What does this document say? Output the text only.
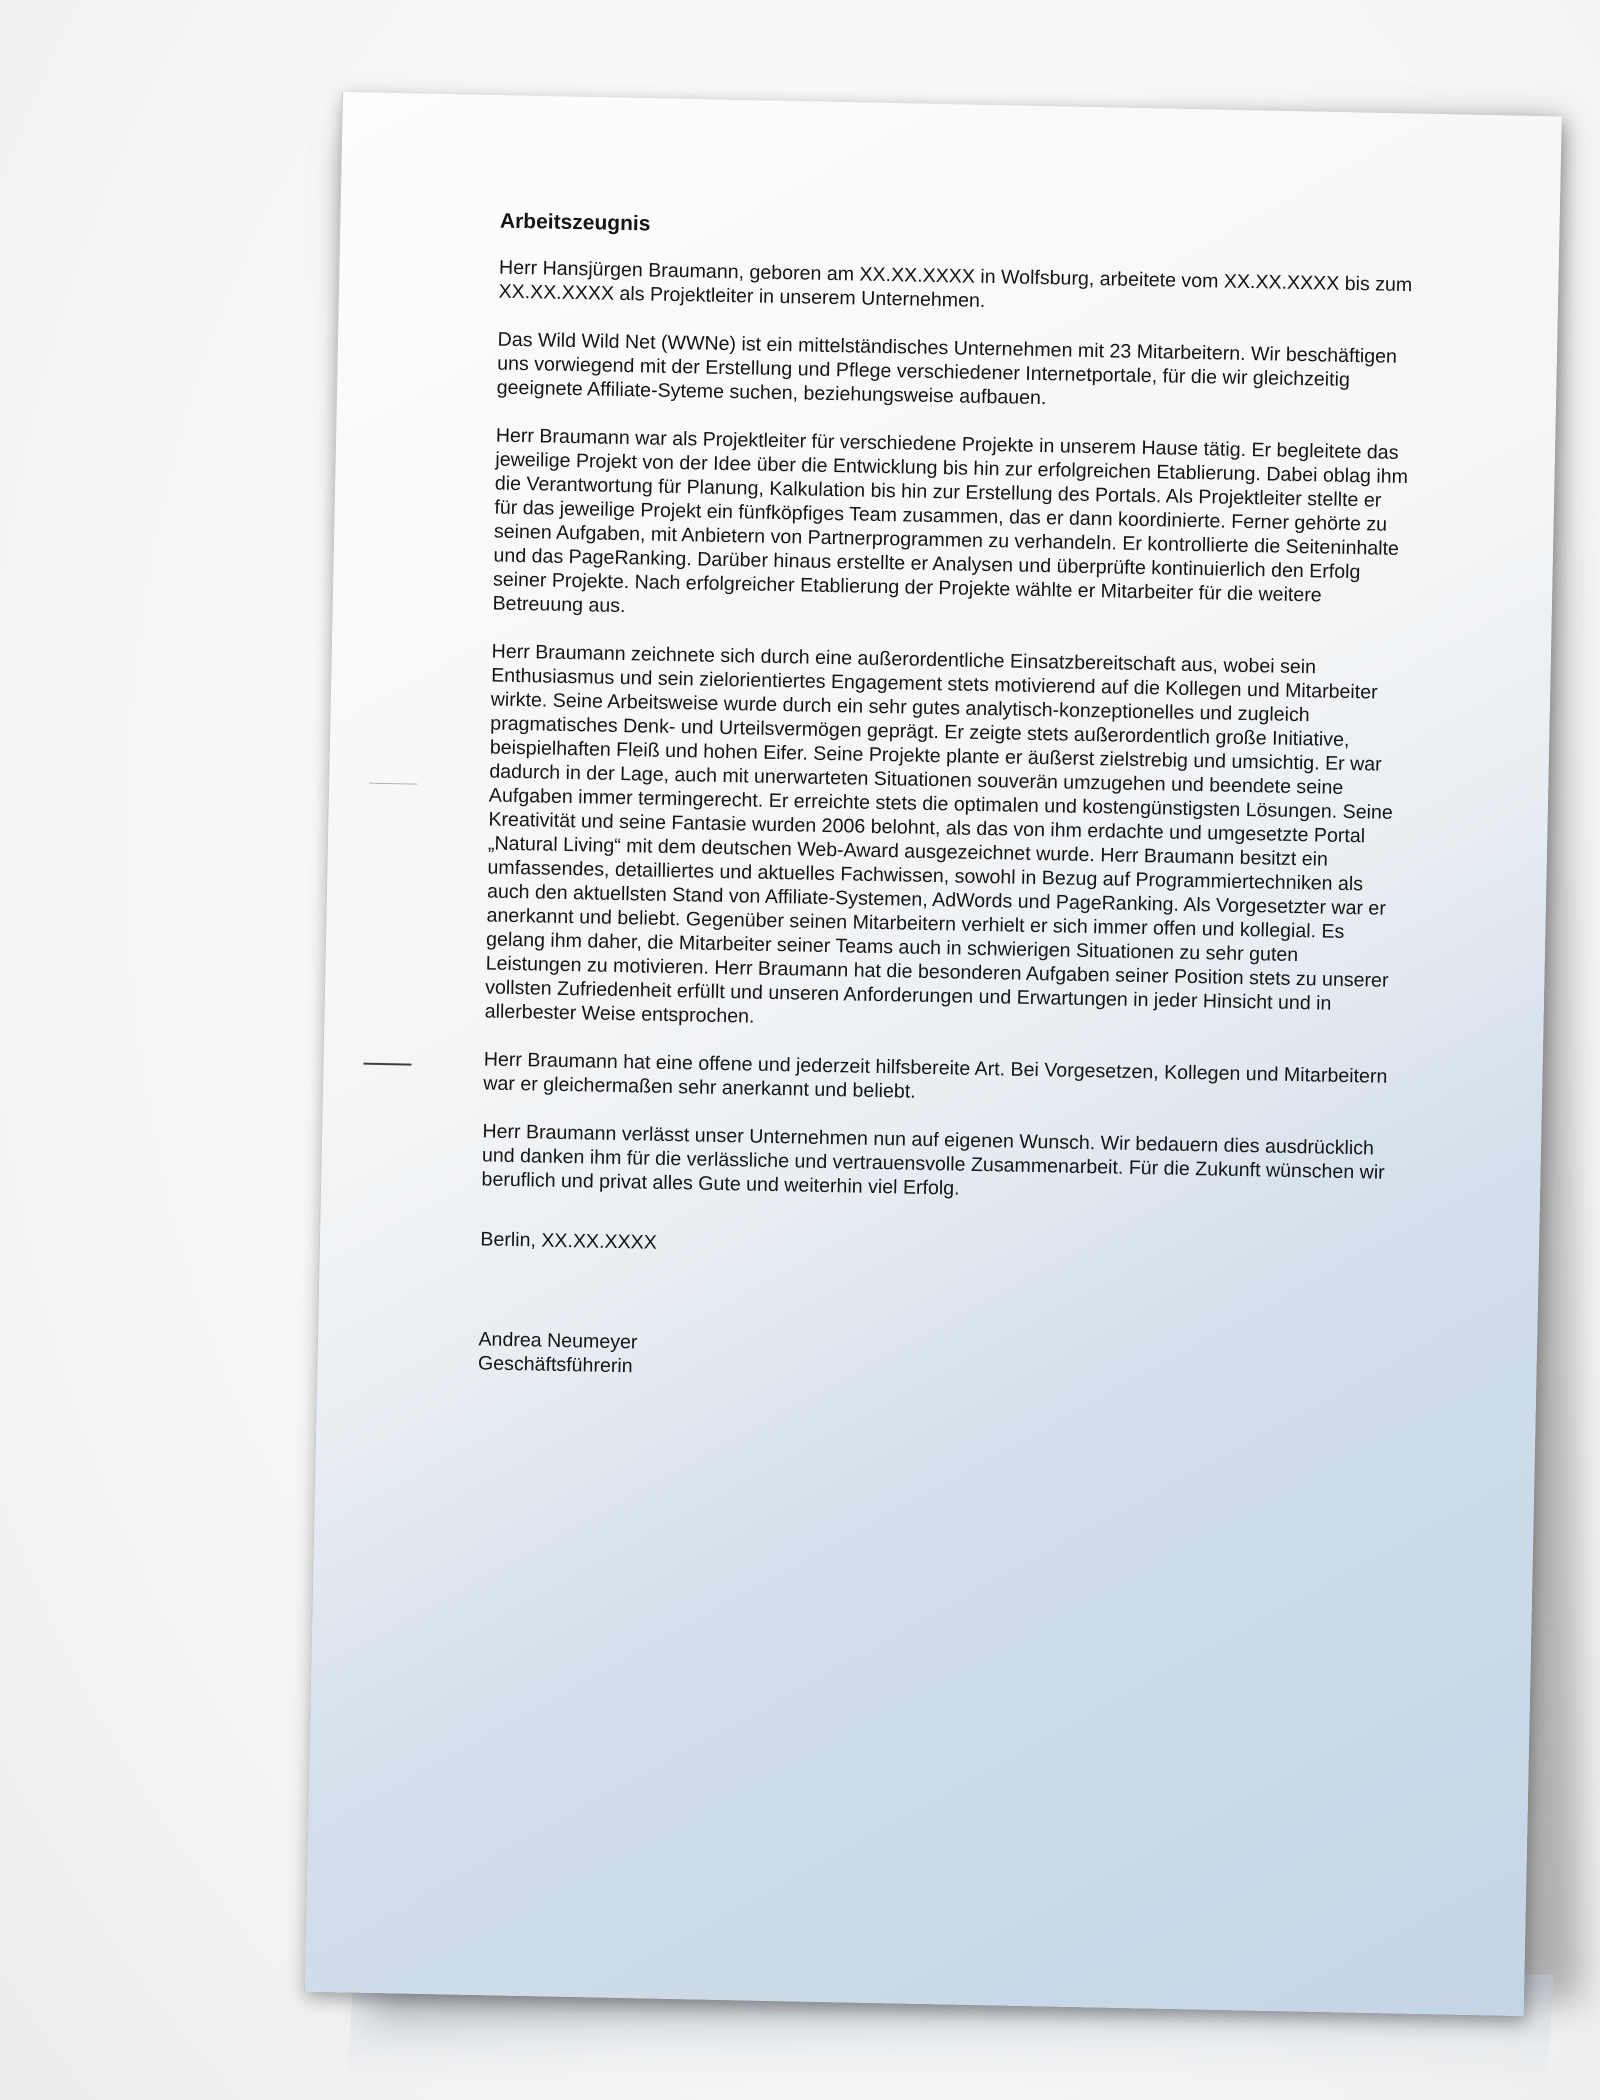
Arbeitszeugnis

Herr Hansjürgen Braumann, geboren am XX.XX.XXXX in Wolfsburg, arbeitete vom XX.XX.XXXX bis zum
XX.XX.XXXX als Projektleiter in unserem Unternehmen.

Das Wild Wild Net (WWNe) ist ein mittelständisches Unternehmen mit 23 Mitarbeitern. Wir beschäftigen
uns vorwiegend mit der Erstellung und Pflege verschiedener Internetportale, für die wir gleichzeitig
geeignete Affiliate-Syteme suchen, beziehungsweise aufbauen.

Herr Braumann war als Projektleiter für verschiedene Projekte in unserem Hause tätig. Er begleitete das
jeweilige Projekt von der Idee über die Entwicklung bis hin zur erfolgreichen Etablierung. Dabei oblag ihm
die Verantwortung für Planung, Kalkulation bis hin zur Erstellung des Portals. Als Projektleiter stellte er
für das jeweilige Projekt ein fünfköpfiges Team zusammen, das er dann koordinierte. Ferner gehörte zu
seinen Aufgaben, mit Anbietern von Partnerprogrammen zu verhandeln. Er kontrollierte die Seiteninhalte
und das PageRanking. Darüber hinaus erstellte er Analysen und überprüfte kontinuierlich den Erfolg
seiner Projekte. Nach erfolgreicher Etablierung der Projekte wählte er Mitarbeiter für die weitere
Betreuung aus.

Herr Braumann zeichnete sich durch eine außerordentliche Einsatzbereitschaft aus, wobei sein
Enthusiasmus und sein zielorientiertes Engagement stets motivierend auf die Kollegen und Mitarbeiter
wirkte. Seine Arbeitsweise wurde durch ein sehr gutes analytisch-konzeptionelles und zugleich
pragmatisches Denk- und Urteilsvermögen geprägt. Er zeigte stets außerordentlich große Initiative,
beispielhaften Fleiß und hohen Eifer. Seine Projekte plante er äußerst zielstrebig und umsichtig. Er war
dadurch in der Lage, auch mit unerwarteten Situationen souverän umzugehen und beendete seine
Aufgaben immer termingerecht. Er erreichte stets die optimalen und kostengünstigsten Lösungen. Seine
Kreativität und seine Fantasie wurden 2006 belohnt, als das von ihm erdachte und umgesetzte Portal
„Natural Living“ mit dem deutschen Web-Award ausgezeichnet wurde. Herr Braumann besitzt ein
umfassendes, detailliertes und aktuelles Fachwissen, sowohl in Bezug auf Programmiertechniken als
auch den aktuellsten Stand von Affiliate-Systemen, AdWords und PageRanking. Als Vorgesetzter war er
anerkannt und beliebt. Gegenüber seinen Mitarbeitern verhielt er sich immer offen und kollegial. Es
gelang ihm daher, die Mitarbeiter seiner Teams auch in schwierigen Situationen zu sehr guten
Leistungen zu motivieren. Herr Braumann hat die besonderen Aufgaben seiner Position stets zu unserer
vollsten Zufriedenheit erfüllt und unseren Anforderungen und Erwartungen in jeder Hinsicht und in
allerbester Weise entsprochen.

Herr Braumann hat eine offene und jederzeit hilfsbereite Art. Bei Vorgesetzen, Kollegen und Mitarbeitern
war er gleichermaßen sehr anerkannt und beliebt.

Herr Braumann verlässt unser Unternehmen nun auf eigenen Wunsch. Wir bedauern dies ausdrücklich
und danken ihm für die verlässliche und vertrauensvolle Zusammenarbeit. Für die Zukunft wünschen wir
beruflich und privat alles Gute und weiterhin viel Erfolg.

Berlin, XX.XX.XXXX
Andrea Neumeyer
Geschäftsführerin
